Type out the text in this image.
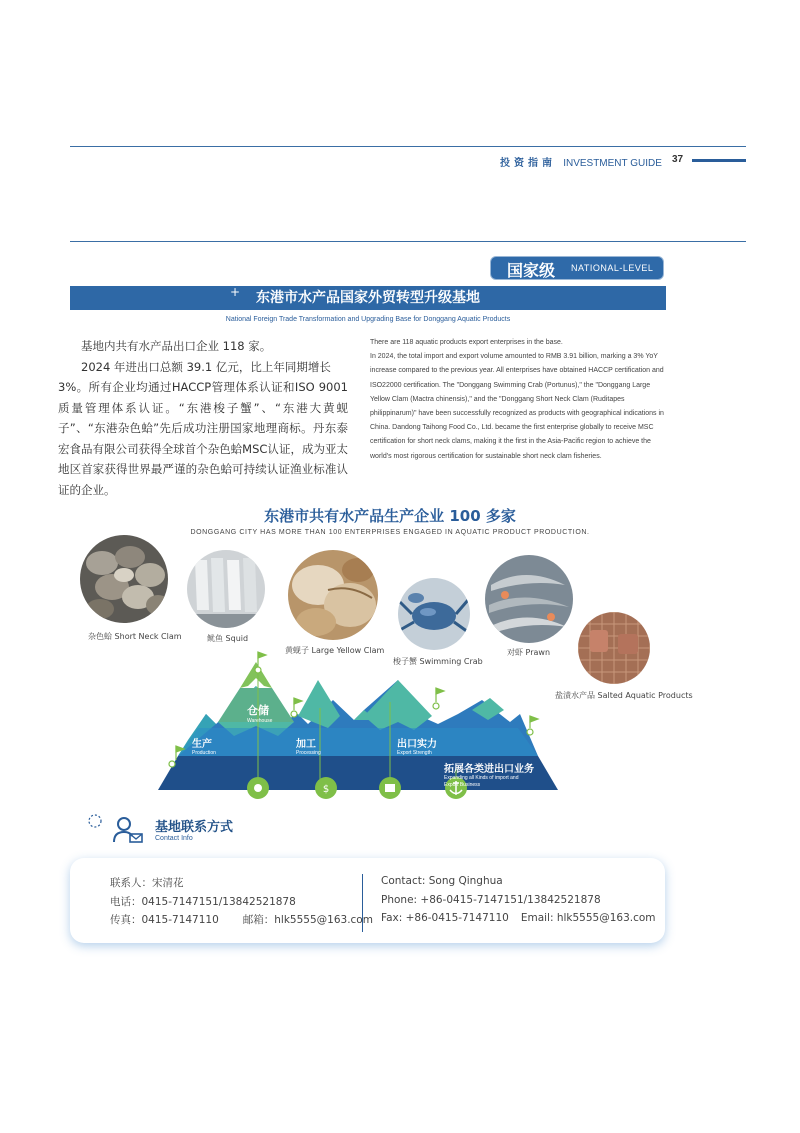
投资指南 INVESTMENT GUIDE 37
国家级 NATIONAL-LEVEL
+ 东港市水产品国家外贸转型升级基地
National Foreign Trade Transformation and Upgrading Base for Donggang Aquatic Products

基地内共有水产品出口企业 118 家。

2024 年进出口总额 39.1 亿元，比上年同期增长

3%。所有企业均通过HACCP管理体系认证和ISO 9001质量管理体系认证。“东港梭子蟹”、“东港大黄蚬子”、“东港杂色蛤”先后成功注册国家地理商标。丹东泰宏食品有限公司获得全球首个杂色蛤MSC认证，成为亚太地区首家获得世界最严谨的杂色蛤可持续认证渔业标准认证的企业。

There are 118 aquatic products export enterprises in the base.

In 2024, the total import and export volume amounted to RMB 3.91 billion, marking a 3% YoY increase compared to the previous year. All enterprises have obtained HACCP certification and ISO22000 certification. The "Donggang Swimming Crab (Portunus)," the "Donggang Large Yellow Clam (Mactra chinensis)," and the "Donggang Short Neck Clam (Ruditapes philippinarum)" have been successfully recognized as products with geographical indications in China. Dandong Taihong Food Co., Ltd. became the first enterprise globally to receive MSC certification for short neck clams, making it the first in the Asia-Pacific region to achieve the world's most rigorous certification for sustainable short neck clam fisheries.

东港市共有水产品生产企业 100 多家
DONGGANG CITY HAS MORE THAN 100 ENTERPRISES ENGAGED IN AQUATIC PRODUCT PRODUCTION.
杂色蛤 Short Neck Clam	鱿鱼 Squid
黄蚬子 Large Yellow Clam
梭子蟹 Swimming Crab
对虾 Prawn
盐渍水产品 Salted Aquatic Products
$
仓储
Warehouse
生产
Production
加工
Processing
出口实力
Export Strength
拓展各类进出口业务
Expanding all Kinds of import and Export Business
基地联系方式
Contact Info
联系人：宋清花
电话：0415-7147151/13842521878
传真：0415-7147110 邮箱：hlk5555@163.com
Contact: Song Qinghua
Phone: +86-0415-7147151/13842521878
Fax: +86-0415-7147110 Email: hlk5555@163.com
